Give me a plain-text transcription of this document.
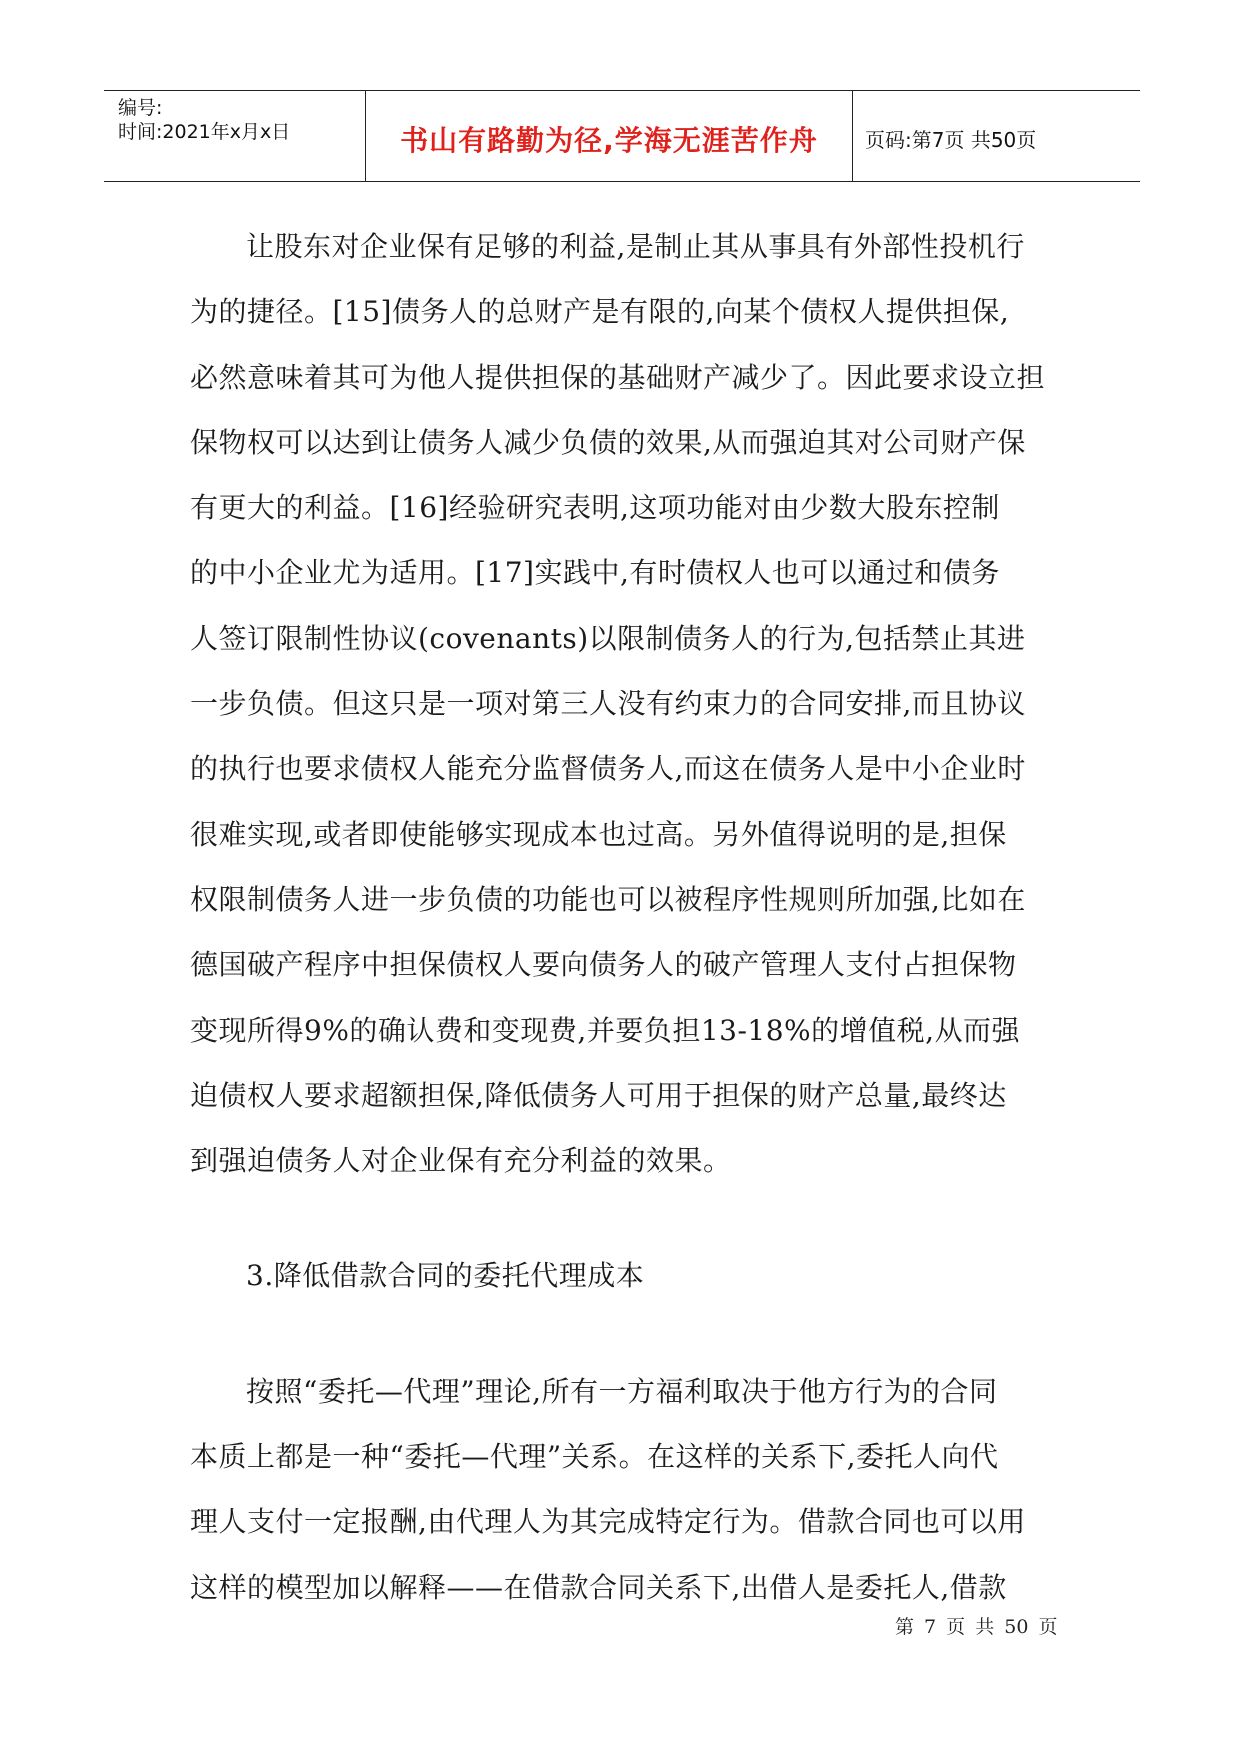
编号:
时间:2021年x月x日	书山有路勤为径,学海无涯苦作舟	页码:第7页 共50页
让股东对企业保有足够的利益,是制止其从事具有外部性投机行
为的捷径。[15]债务人的总财产是有限的,向某个债权人提供担保,
必然意味着其可为他人提供担保的基础财产减少了。因此要求设立担
保物权可以达到让债务人减少负债的效果,从而强迫其对公司财产保
有更大的利益。[16]经验研究表明,这项功能对由少数大股东控制
的中小企业尤为适用。[17]实践中,有时债权人也可以通过和债务
人签订限制性协议(covenants)以限制债务人的行为,包括禁止其进
一步负债。但这只是一项对第三人没有约束力的合同安排,而且协议
的执行也要求债权人能充分监督债务人,而这在债务人是中小企业时
很难实现,或者即使能够实现成本也过高。另外值得说明的是,担保
权限制债务人进一步负债的功能也可以被程序性规则所加强,比如在
德国破产程序中担保债权人要向债务人的破产管理人支付占担保物
变现所得9%的确认费和变现费,并要负担13-18%的增值税,从而强
迫债权人要求超额担保,降低债务人可用于担保的财产总量,最终达
到强迫债务人对企业保有充分利益的效果。
3.降低借款合同的委托代理成本
按照“委托—代理”理论,所有一方福利取决于他方行为的合同
本质上都是一种“委托—代理”关系。在这样的关系下,委托人向代
理人支付一定报酬,由代理人为其完成特定行为。借款合同也可以用
这样的模型加以解释——在借款合同关系下,出借人是委托人,借款
第 7 页 共 50 页
